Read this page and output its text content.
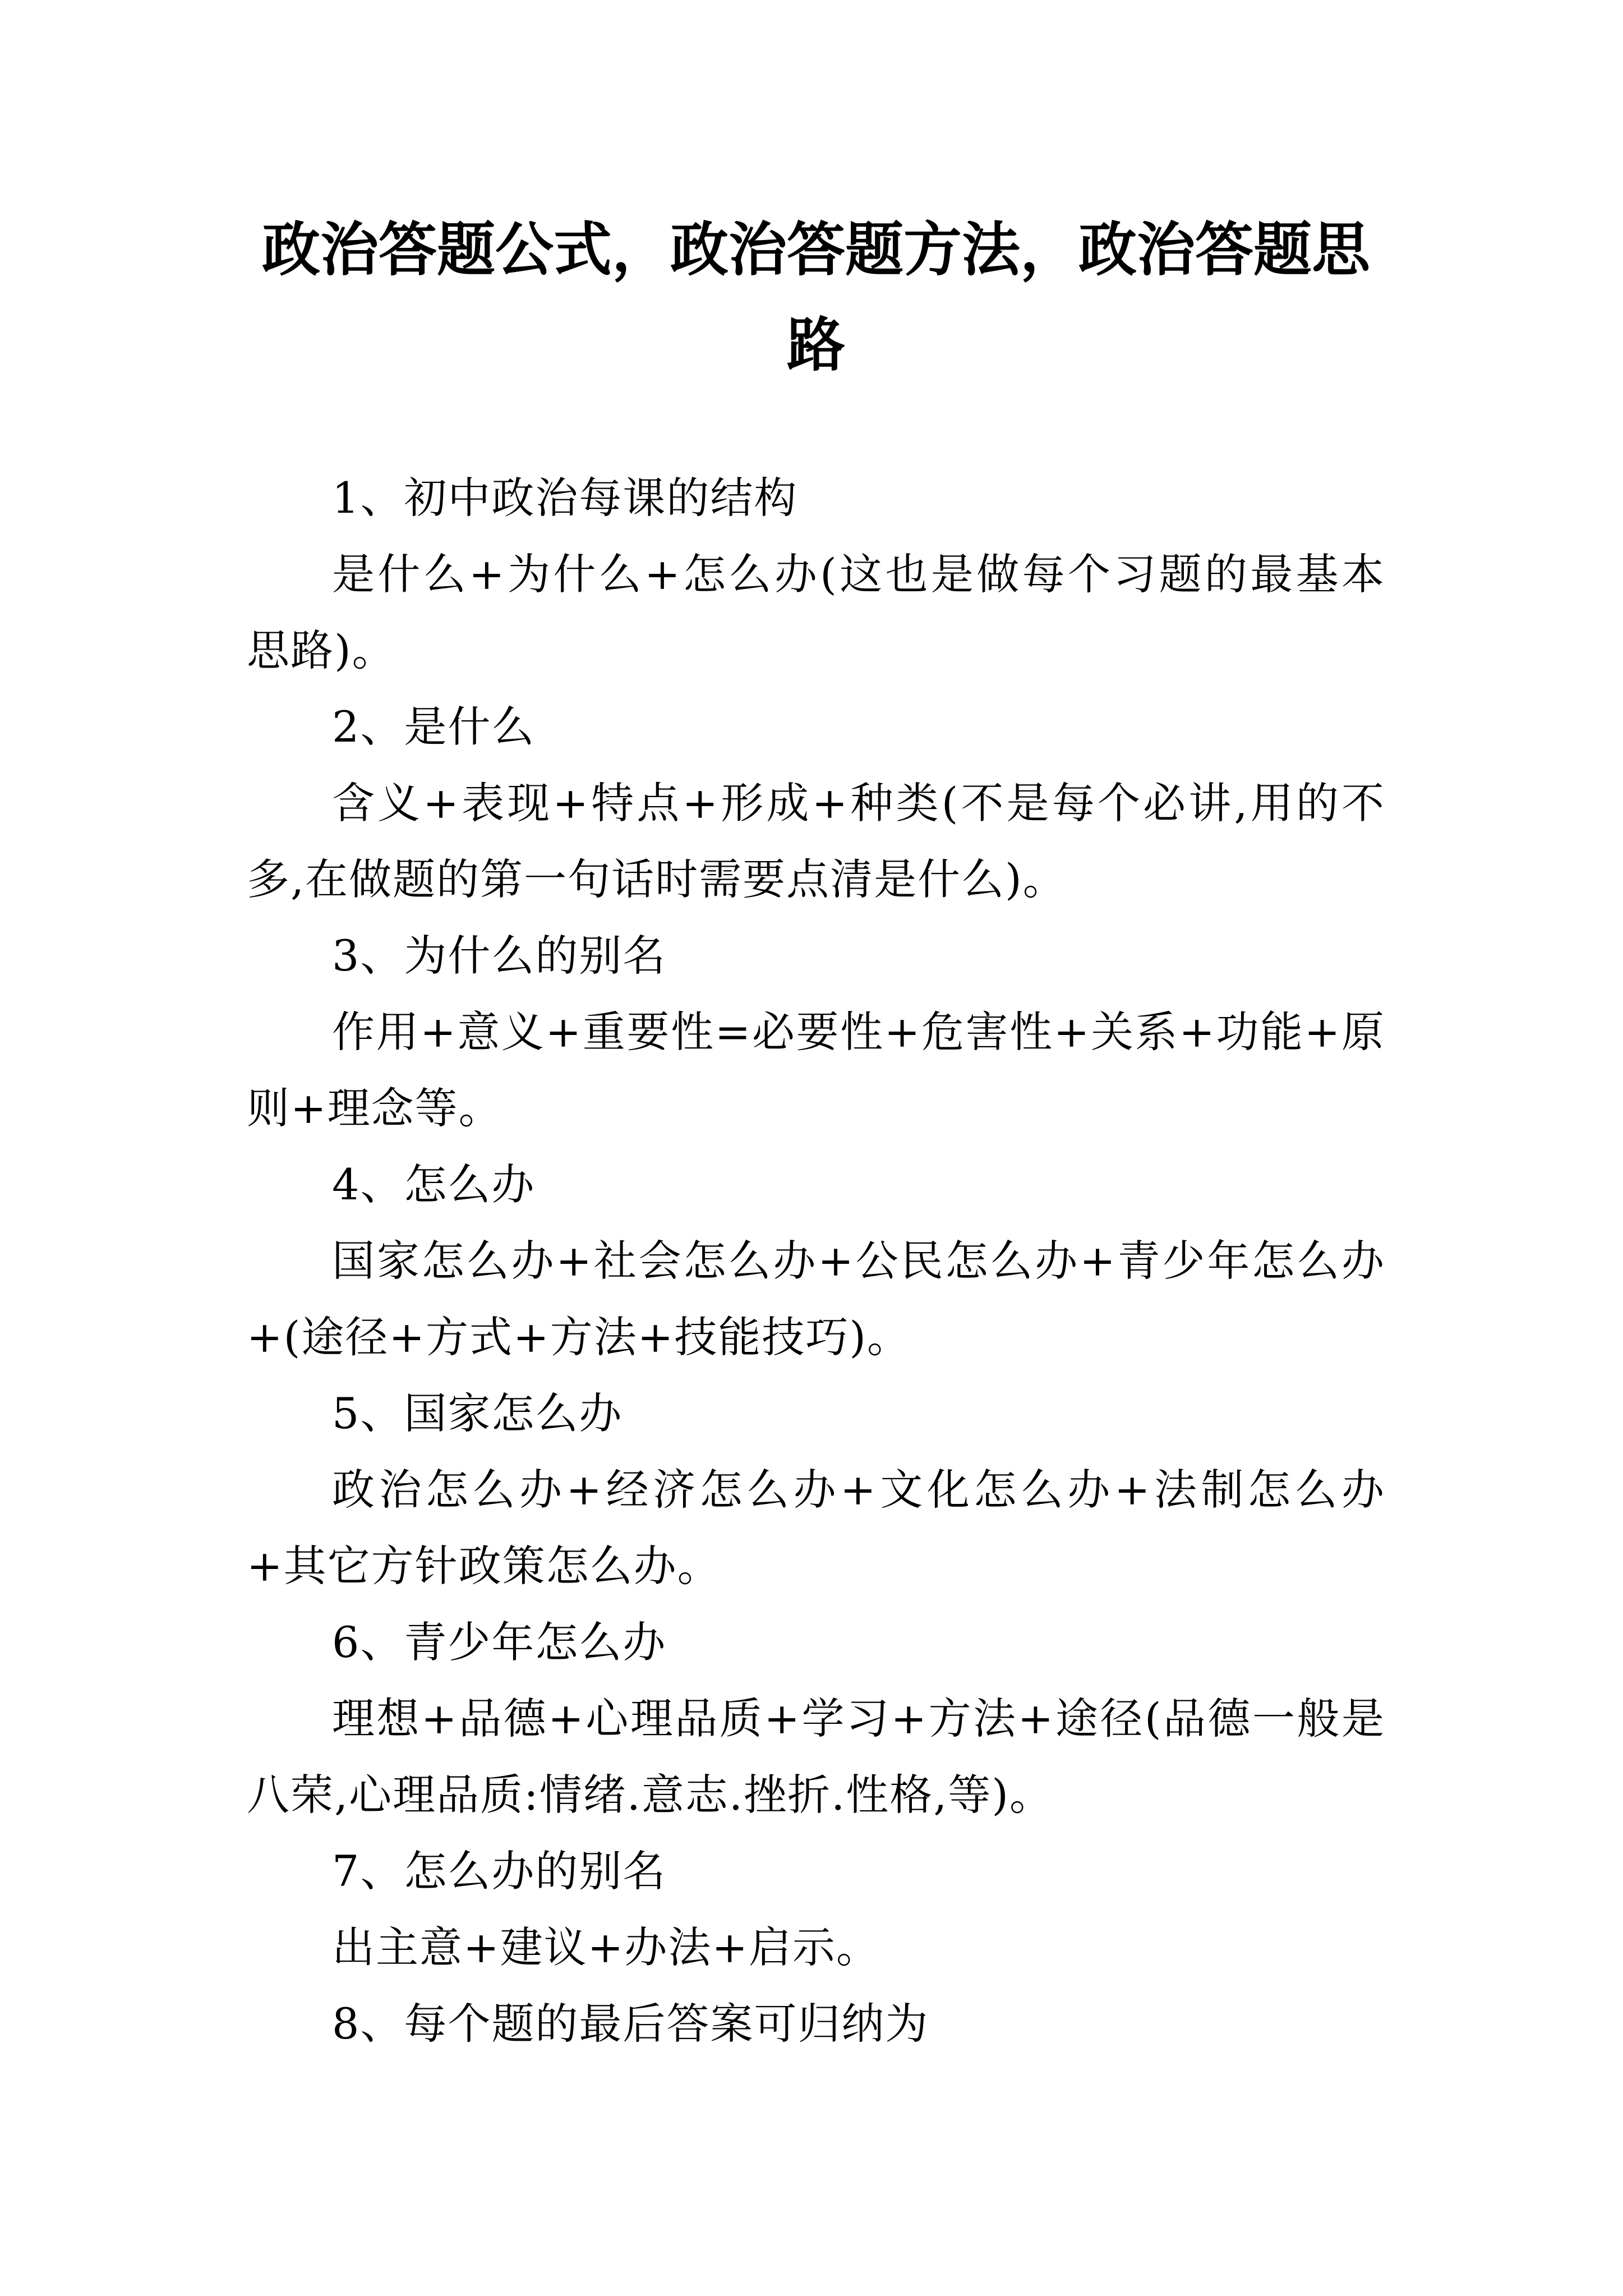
政治答题公式，政治答题方法，政治答题思路

1、初中政治每课的结构

是什么+为什么+怎么办(这也是做每个习题的最基本思路)。

2、是什么

含义+表现+特点+形成+种类(不是每个必讲,用的不多,在做题的第一句话时需要点清是什么)。

3、为什么的别名

作用+意义+重要性=必要性+危害性+关系+功能+原则+理念等。

4、怎么办

国家怎么办+社会怎么办+公民怎么办+青少年怎么办+(途径+方式+方法+技能技巧)。

5、国家怎么办

政治怎么办+经济怎么办+文化怎么办+法制怎么办+其它方针政策怎么办。

6、青少年怎么办

理想+品德+心理品质+学习+方法+途径(品德一般是八荣,心理品质:情绪.意志.挫折.性格,等)。

7、怎么办的别名

出主意+建议+办法+启示。

8、每个题的最后答案可归纳为
